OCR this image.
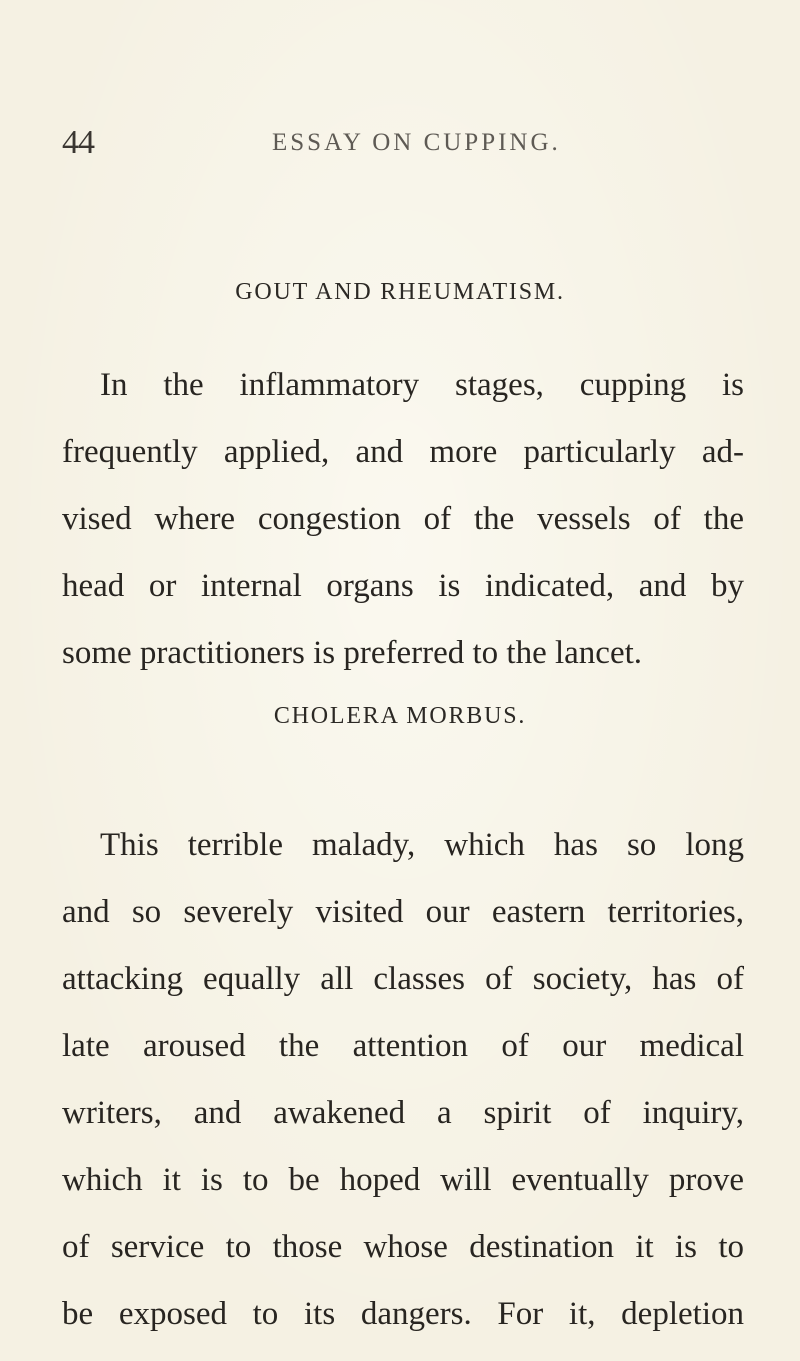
44	ESSAY ON CUPPING.
GOUT AND RHEUMATISM.
In the inflammatory stages, cupping is
frequently applied, and more particularly ad-
vised where congestion of the vessels of the
head or internal organs is indicated, and by
some practitioners is preferred to the lancet.
CHOLERA MORBUS.
This terrible malady, which has so long
and so severely visited our eastern territories,
attacking equally all classes of society, has of
late aroused the attention of our medical
writers, and awakened a spirit of inquiry,
which it is to be hoped will eventually prove
of service to those whose destination it is to
be exposed to its dangers. For it, depletion
